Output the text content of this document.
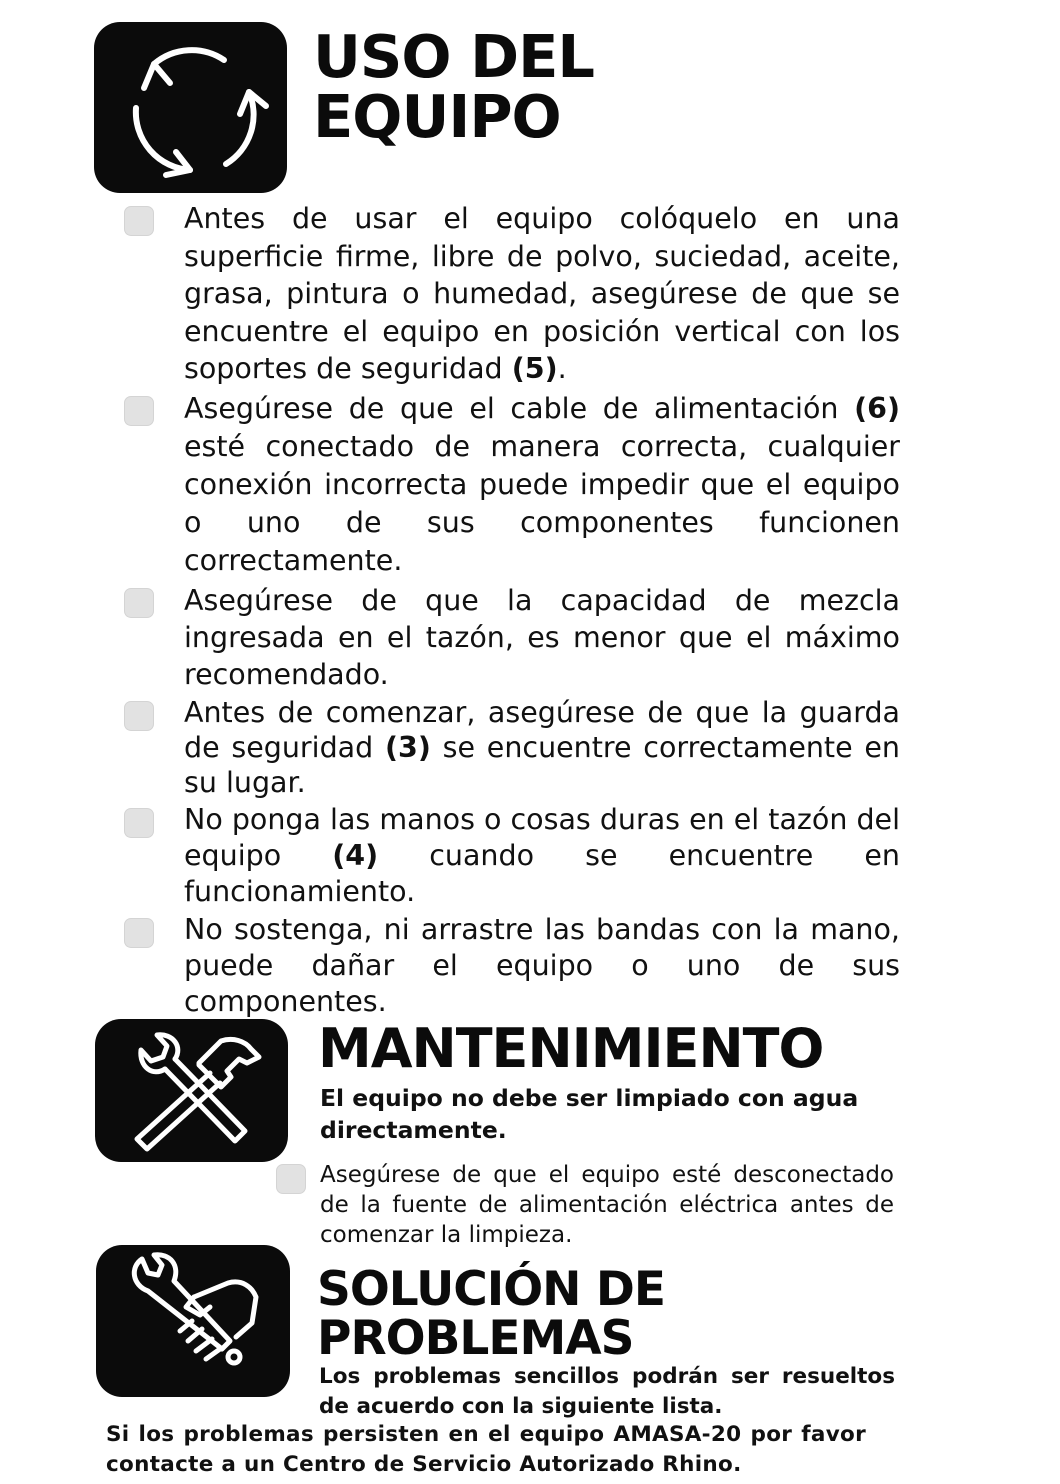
USO DEL
EQUIPO
Antes de usar el equipo colóquelo en una superficie firme, libre de polvo, suciedad, aceite, grasa, pintura o humedad, asegúrese de que se encuentre el equipo en posición vertical con los soportes de seguridad (5).
Asegúrese de que el cable de alimentación (6) esté conectado de manera correcta, cualquier conexión incorrecta puede impedir que el equipo o uno de sus componentes funcionen correctamente.
Asegúrese de que la capacidad de mezcla ingresada en el tazón, es menor que el máximo recomendado.
Antes de comenzar, asegúrese de que la guarda de seguridad (3) se encuentre correctamente en su lugar.
No ponga las manos o cosas duras en el tazón del equipo (4) cuando se encuentre en funcionamiento.
No sostenga, ni arrastre las bandas con la mano, puede dañar el equipo o uno de sus componentes.
MANTENIMIENTO

El equipo no debe ser limpiado con agua directamente.

Asegúrese de que el equipo esté desconectado de la fuente de alimentación eléctrica antes de comenzar la limpieza.

SOLUCIÓN DE
PROBLEMAS

Los problemas sencillos podrán ser resueltos de acuerdo con la siguiente lista.

Si los problemas persisten en el equipo AMASA-20 por favor contacte a un Centro de Servicio Autorizado Rhino.
